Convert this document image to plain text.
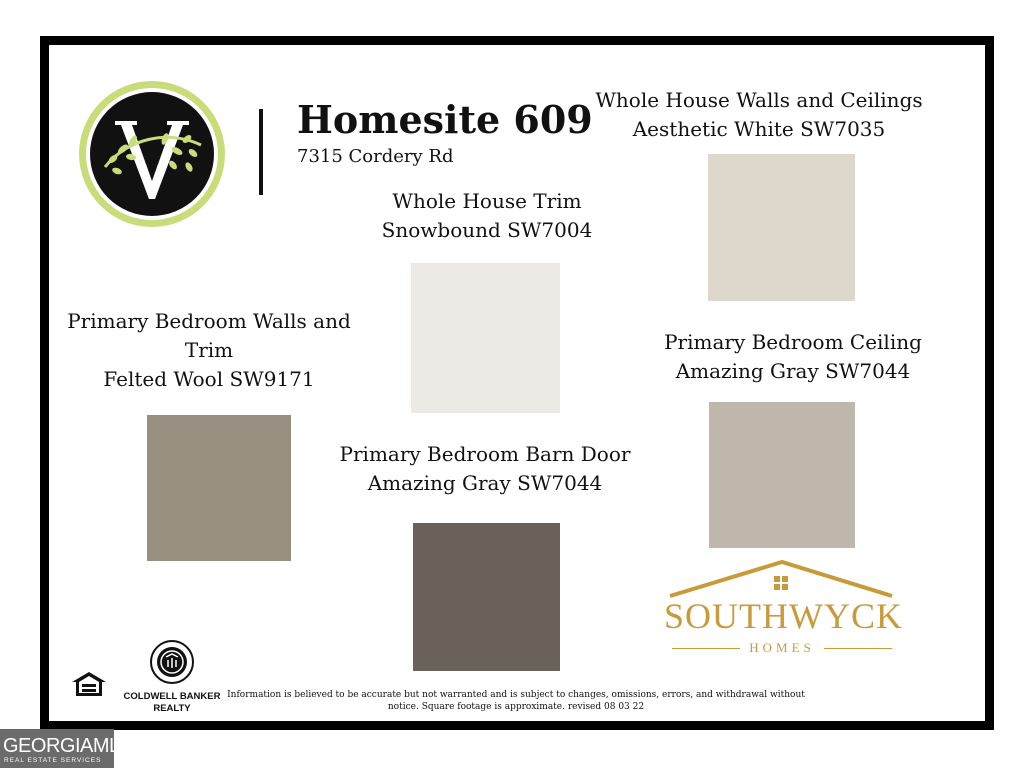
Homesite 609
7315 Cordery Rd
Whole House Walls and Ceilings
Aesthetic White SW7035
Whole House Trim
Snowbound SW7004
Primary Bedroom Walls and
Trim
Felted Wool SW9171
Primary Bedroom Ceiling
Amazing Gray SW7044
Primary Bedroom Barn Door
Amazing Gray SW7044
SOUTHWYCK
HOMES
COLDWELL BANKER
REALTY
Information is believed to be accurate but not warranted and is subject to changes, omissions, errors, and withdrawal without notice. Square footage is approximate. revised 08 03 22
GEORGIAMLS
REAL ESTATE SERVICES
